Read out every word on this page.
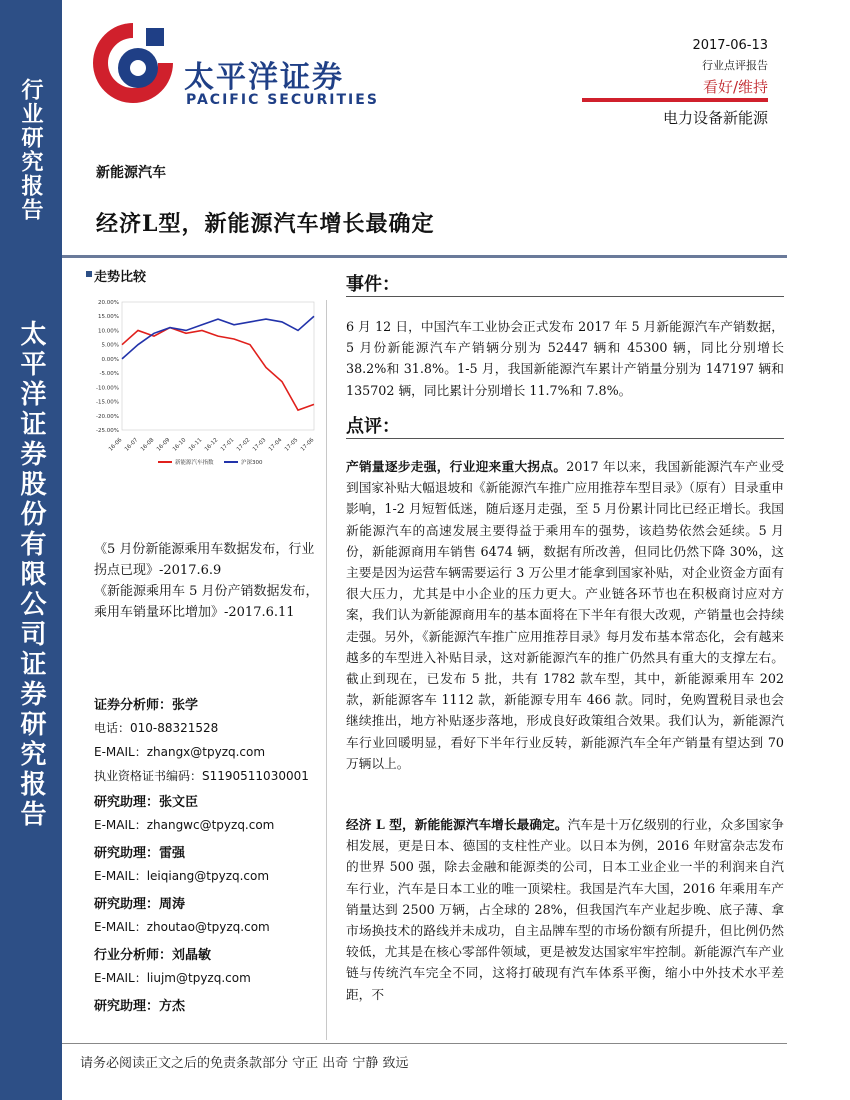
行业研究报告
太平洋证券股份有限公司证券研究报告
太平洋证券
PACIFIC SECURITIES
2017-06-13
行业点评报告
看好/维持
电力设备新能源
新能源汽车
经济L型，新能源汽车增长最确定
走势比较
20.00%
15.00%
10.00%
5.00%
0.00%
-5.00%
-10.00%
-15.00%
-20.00%
-25.00%
16-06 16-07 16-08 16-09 16-10 16-11 16-12 17-01 17-02 17-03 17-04 17-05 17-06
新能源汽车指数	沪深300
《5 月份新能源乘用车数据发布，行业拐点已现》-2017.6.9
《新能源乘用车 5 月份产销数据发布，乘用车销量环比增加》-2017.6.11
证券分析师：张学
电话：010-88321528
E-MAIL：zhangx@tpyzq.com
执业资格证书编码：S1190511030001
研究助理：张文臣
E-MAIL：zhangwc@tpyzq.com
研究助理：雷强
E-MAIL：leiqiang@tpyzq.com
研究助理：周涛
E-MAIL：zhoutao@tpyzq.com
行业分析师：刘晶敏
E-MAIL：liujm@tpyzq.com
研究助理：方杰
事件：
6 月 12 日，中国汽车工业协会正式发布 2017 年 5 月新能源汽车产销数据，5 月份新能源汽车产销辆分别为 52447 辆和 45300 辆，同比分别增长 38.2%和 31.8%。1-5 月，我国新能源汽车累计产销量分别为 147197 辆和 135702 辆，同比累计分别增长 11.7%和 7.8%。
点评：
产销量逐步走强，行业迎来重大拐点。2017 年以来，我国新能源汽车产业受到国家补贴大幅退坡和《新能源汽车推广应用推荐车型目录》（原有）目录重申影响，1-2 月短暂低迷，随后逐月走强，至 5 月份累计同比已经正增长。我国新能源汽车的高速发展主要得益于乘用车的强势，该趋势依然会延续。5 月份，新能源商用车销售 6474 辆，数据有所改善，但同比仍然下降 30%，这主要是因为运营车辆需要运行 3 万公里才能拿到国家补贴，对企业资金方面有很大压力，尤其是中小企业的压力更大。产业链各环节也在积极商讨应对方案，我们认为新能源商用车的基本面将在下半年有很大改观，产销量也会持续走强。另外，《新能源汽车推广应用推荐目录》每月发布基本常态化，会有越来越多的车型进入补贴目录，这对新能源汽车的推广仍然具有重大的支撑左右。截止到现在，已发布 5 批，共有 1782 款车型，其中，新能源乘用车 202 款，新能源客车 1112 款，新能源专用车 466 款。同时，免购置税目录也会继续推出，地方补贴逐步落地，形成良好政策组合效果。我们认为，新能源汽车行业回暖明显，看好下半年行业反转，新能源汽车全年产销量有望达到 70 万辆以上。
经济 L 型，新能能源汽车增长最确定。汽车是十万亿级别的行业，众多国家争相发展，更是日本、德国的支柱性产业。以日本为例，2016 年财富杂志发布的世界 500 强，除去金融和能源类的公司，日本工业企业一半的利润来自汽车行业，汽车是日本工业的唯一顶梁柱。我国是汽车大国，2016 年乘用车产销量达到 2500 万辆，占全球的 28%，但我国汽车产业起步晚、底子薄、拿市场换技术的路线并未成功，自主品牌车型的市场份额有所提升，但比例仍然较低，尤其是在核心零部件领域，更是被发达国家牢牢控制。新能源汽车产业链与传统汽车完全不同，这将打破现有汽车体系平衡，缩小中外技术水平差距，不
请务必阅读正文之后的免责条款部分 守正 出奇 宁静 致远
